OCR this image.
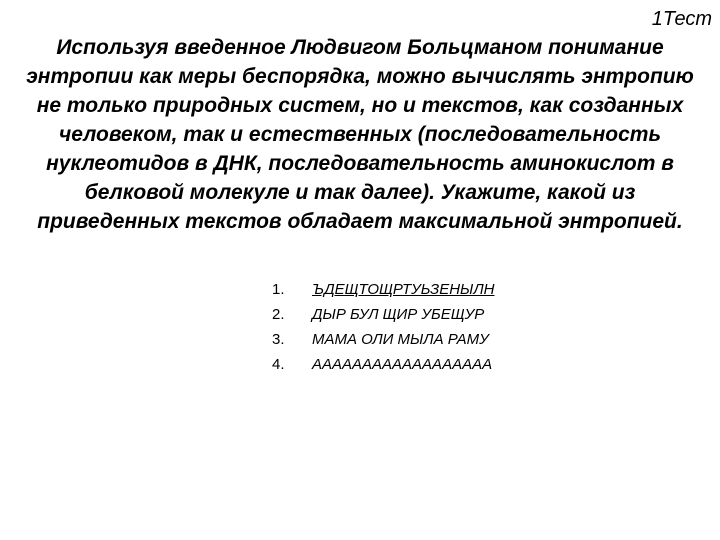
1Тест

Используя введенное Людвигом Больцманом понимание энтропии как меры беспорядка, можно вычислять энтропию не только природных систем, но и текстов, как созданных человеком, так и естественных (последовательность нуклеотидов в ДНК, последовательность аминокислот в белковой молекуле и так далее). Укажите, какой из приведенных текстов обладает максимальной энтропией.

1.	ЪДЕЩТОЩРТУЬЗЕНЫЛН
2.	ДЫР БУЛ ЩИР УБЕЩУР
3.	МАМА ОЛИ МЫЛА РАМУ
4.	АААААААААААААААААА
